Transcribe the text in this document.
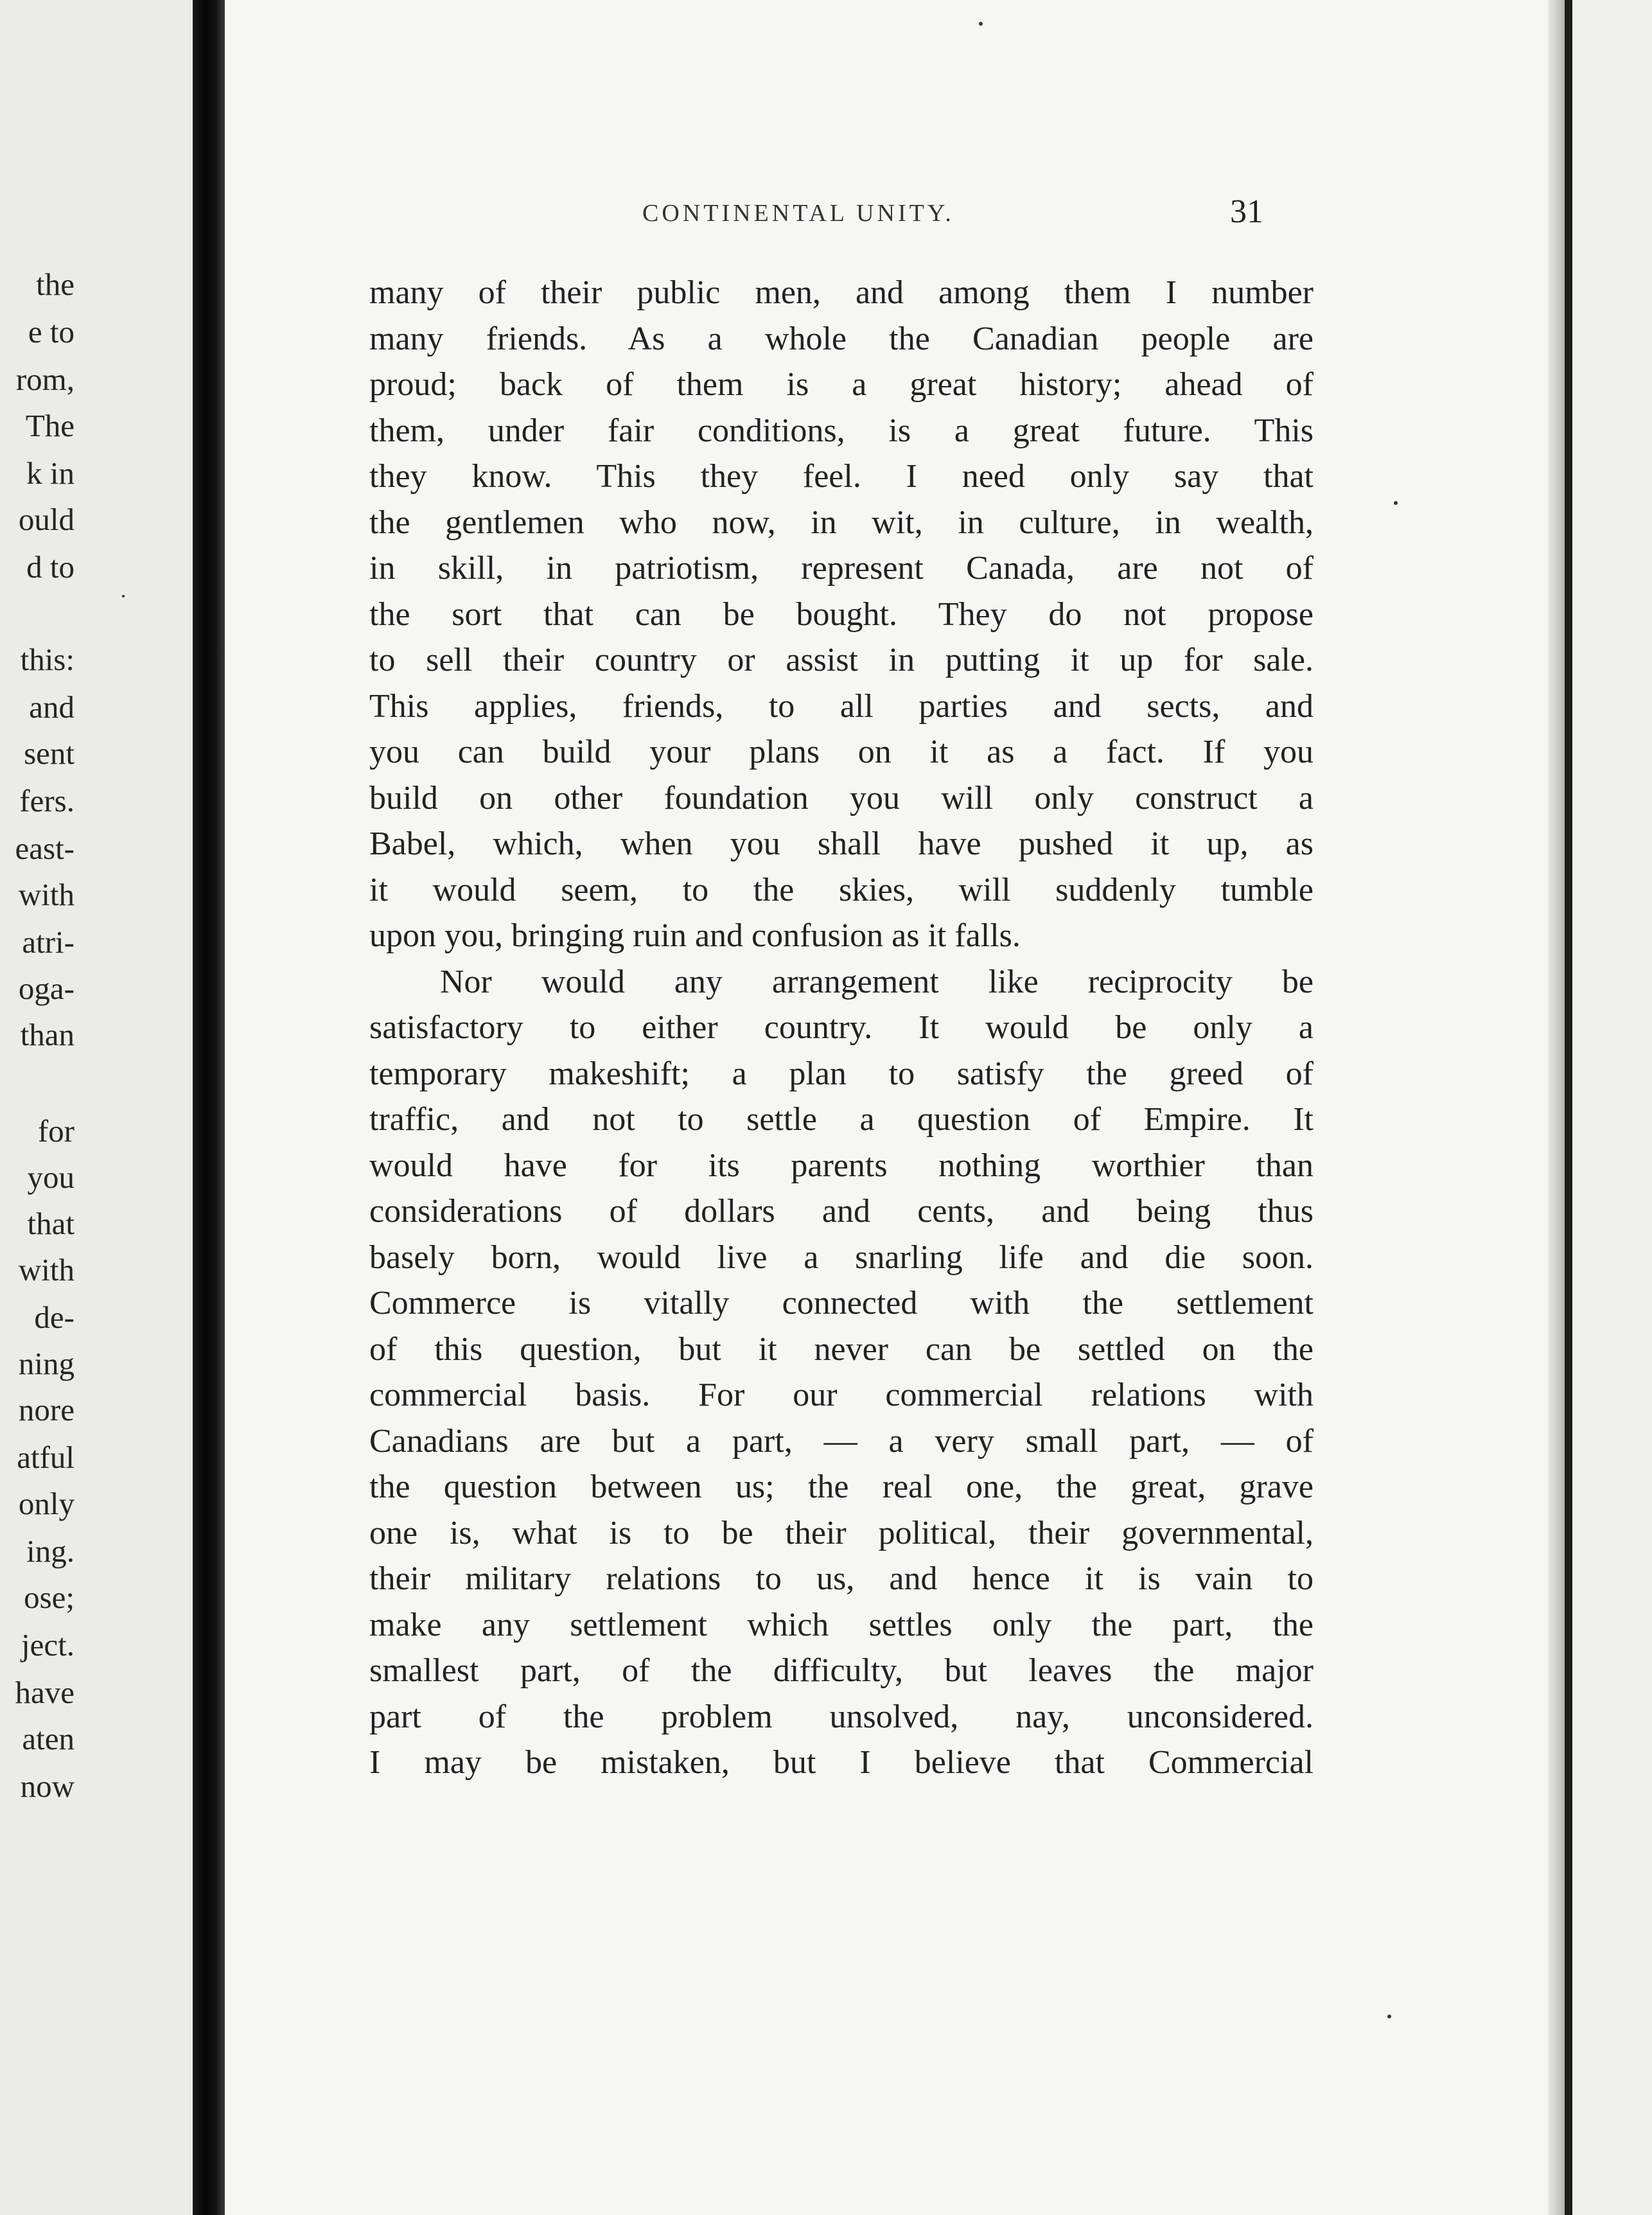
the
e to
rom,
The
k in
ould
d to
this:
and
sent
fers.
east-
with
atri-
oga-
than
for
you
that
with
de-
ning
nore
atful
only
ing.
ose;
ject.
have
aten
now
CONTINENTAL UNITY.	31
many of their public men, and among them I number
many friends. As a whole the Canadian people are
proud; back of them is a great history; ahead of
them, under fair conditions, is a great future. This
they know. This they feel. I need only say that
the gentlemen who now, in wit, in culture, in wealth,
in skill, in patriotism, represent Canada, are not of
the sort that can be bought. They do not propose
to sell their country or assist in putting it up for sale.
This applies, friends, to all parties and sects, and
you can build your plans on it as a fact. If you
build on other foundation you will only construct a
Babel, which, when you shall have pushed it up, as
it would seem, to the skies, will suddenly tumble
upon you, bringing ruin and confusion as it falls.
Nor would any arrangement like reciprocity be
satisfactory to either country. It would be only a
temporary makeshift; a plan to satisfy the greed of
traffic, and not to settle a question of Empire. It
would have for its parents nothing worthier than
considerations of dollars and cents, and being thus
basely born, would live a snarling life and die soon.
Commerce is vitally connected with the settlement
of this question, but it never can be settled on the
commercial basis. For our commercial relations with
Canadians are but a part, — a very small part, — of
the question between us; the real one, the great, grave
one is, what is to be their political, their governmental,
their military relations to us, and hence it is vain to
make any settlement which settles only the part, the
smallest part, of the difficulty, but leaves the major
part of the problem unsolved, nay, unconsidered.
I may be mistaken, but I believe that Commercial
